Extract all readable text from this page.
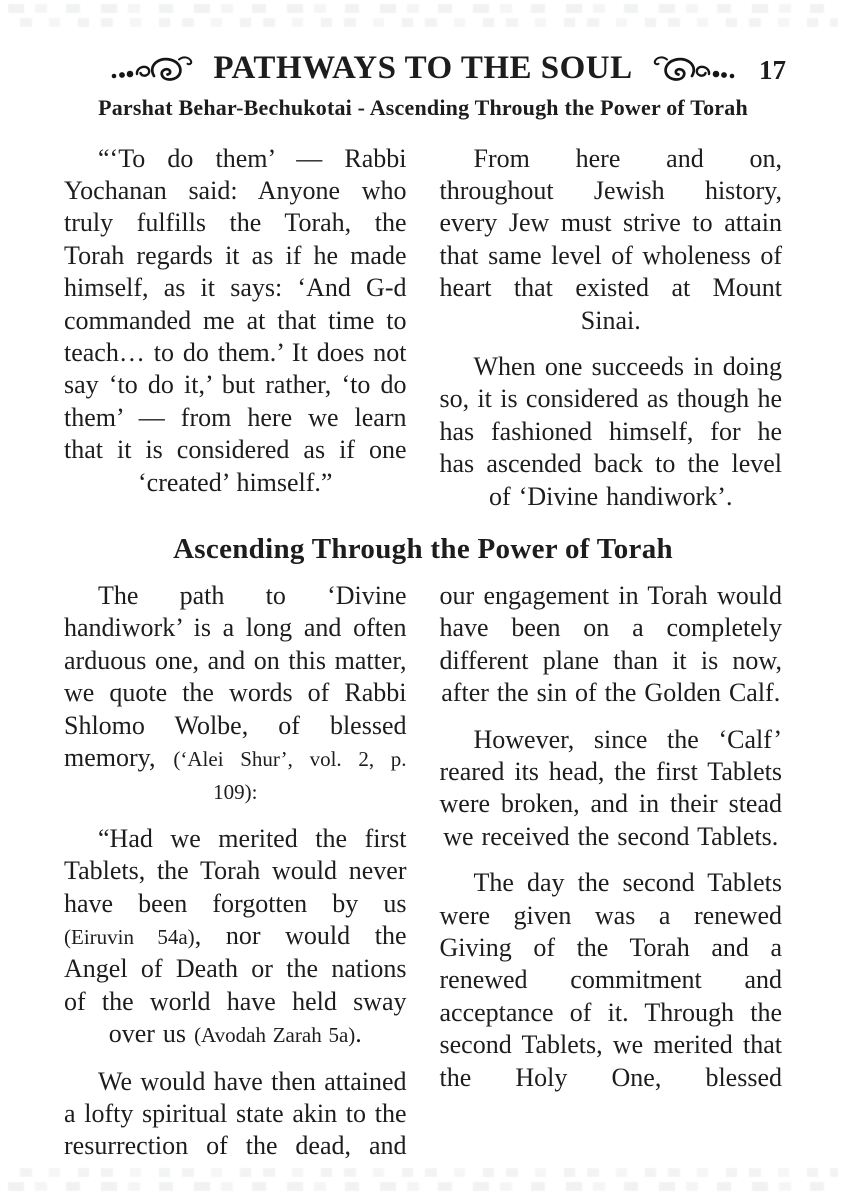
PATHWAYS TO THE SOUL	17
Parshat Behar-Bechukotai - Ascending Through the Power of Torah

“‘To do them’ — Rabbi Yochanan said: Anyone who truly fulfills the Torah, the Torah regards it as if he made himself, as it says: ‘And G-d commanded me at that time to teach… to do them.’ It does not say ‘to do it,’ but rather, ‘to do them’ — from here we learn that it is considered as if one ‘created’ himself.”

From here and on, throughout Jewish history, every Jew must strive to attain that same level of wholeness of heart that existed at Mount Sinai.

When one succeeds in doing so, it is considered as though he has fashioned himself, for he has ascended back to the level of ‘Divine handiwork’.

Ascending Through the Power of Torah

The path to ‘Divine handiwork’ is a long and often arduous one, and on this matter, we quote the words of Rabbi Shlomo Wolbe, of blessed memory, (‘Alei Shur’, vol. 2, p. 109):

“Had we merited the first Tablets, the Torah would never have been forgotten by us (Eiruvin 54a), nor would the Angel of Death or the nations of the world have held sway over us (Avodah Zarah 5a).

We would have then attained a lofty spiritual state akin to the resurrection of the dead, and

our engagement in Torah would have been on a completely different plane than it is now, after the sin of the Golden Calf.

However, since the ‘Calf’ reared its head, the first Tablets were broken, and in their stead we received the second Tablets.

The day the second Tablets were given was a renewed Giving of the Torah and a renewed commitment and acceptance of it. Through the second Tablets, we merited that the Holy One, blessed
